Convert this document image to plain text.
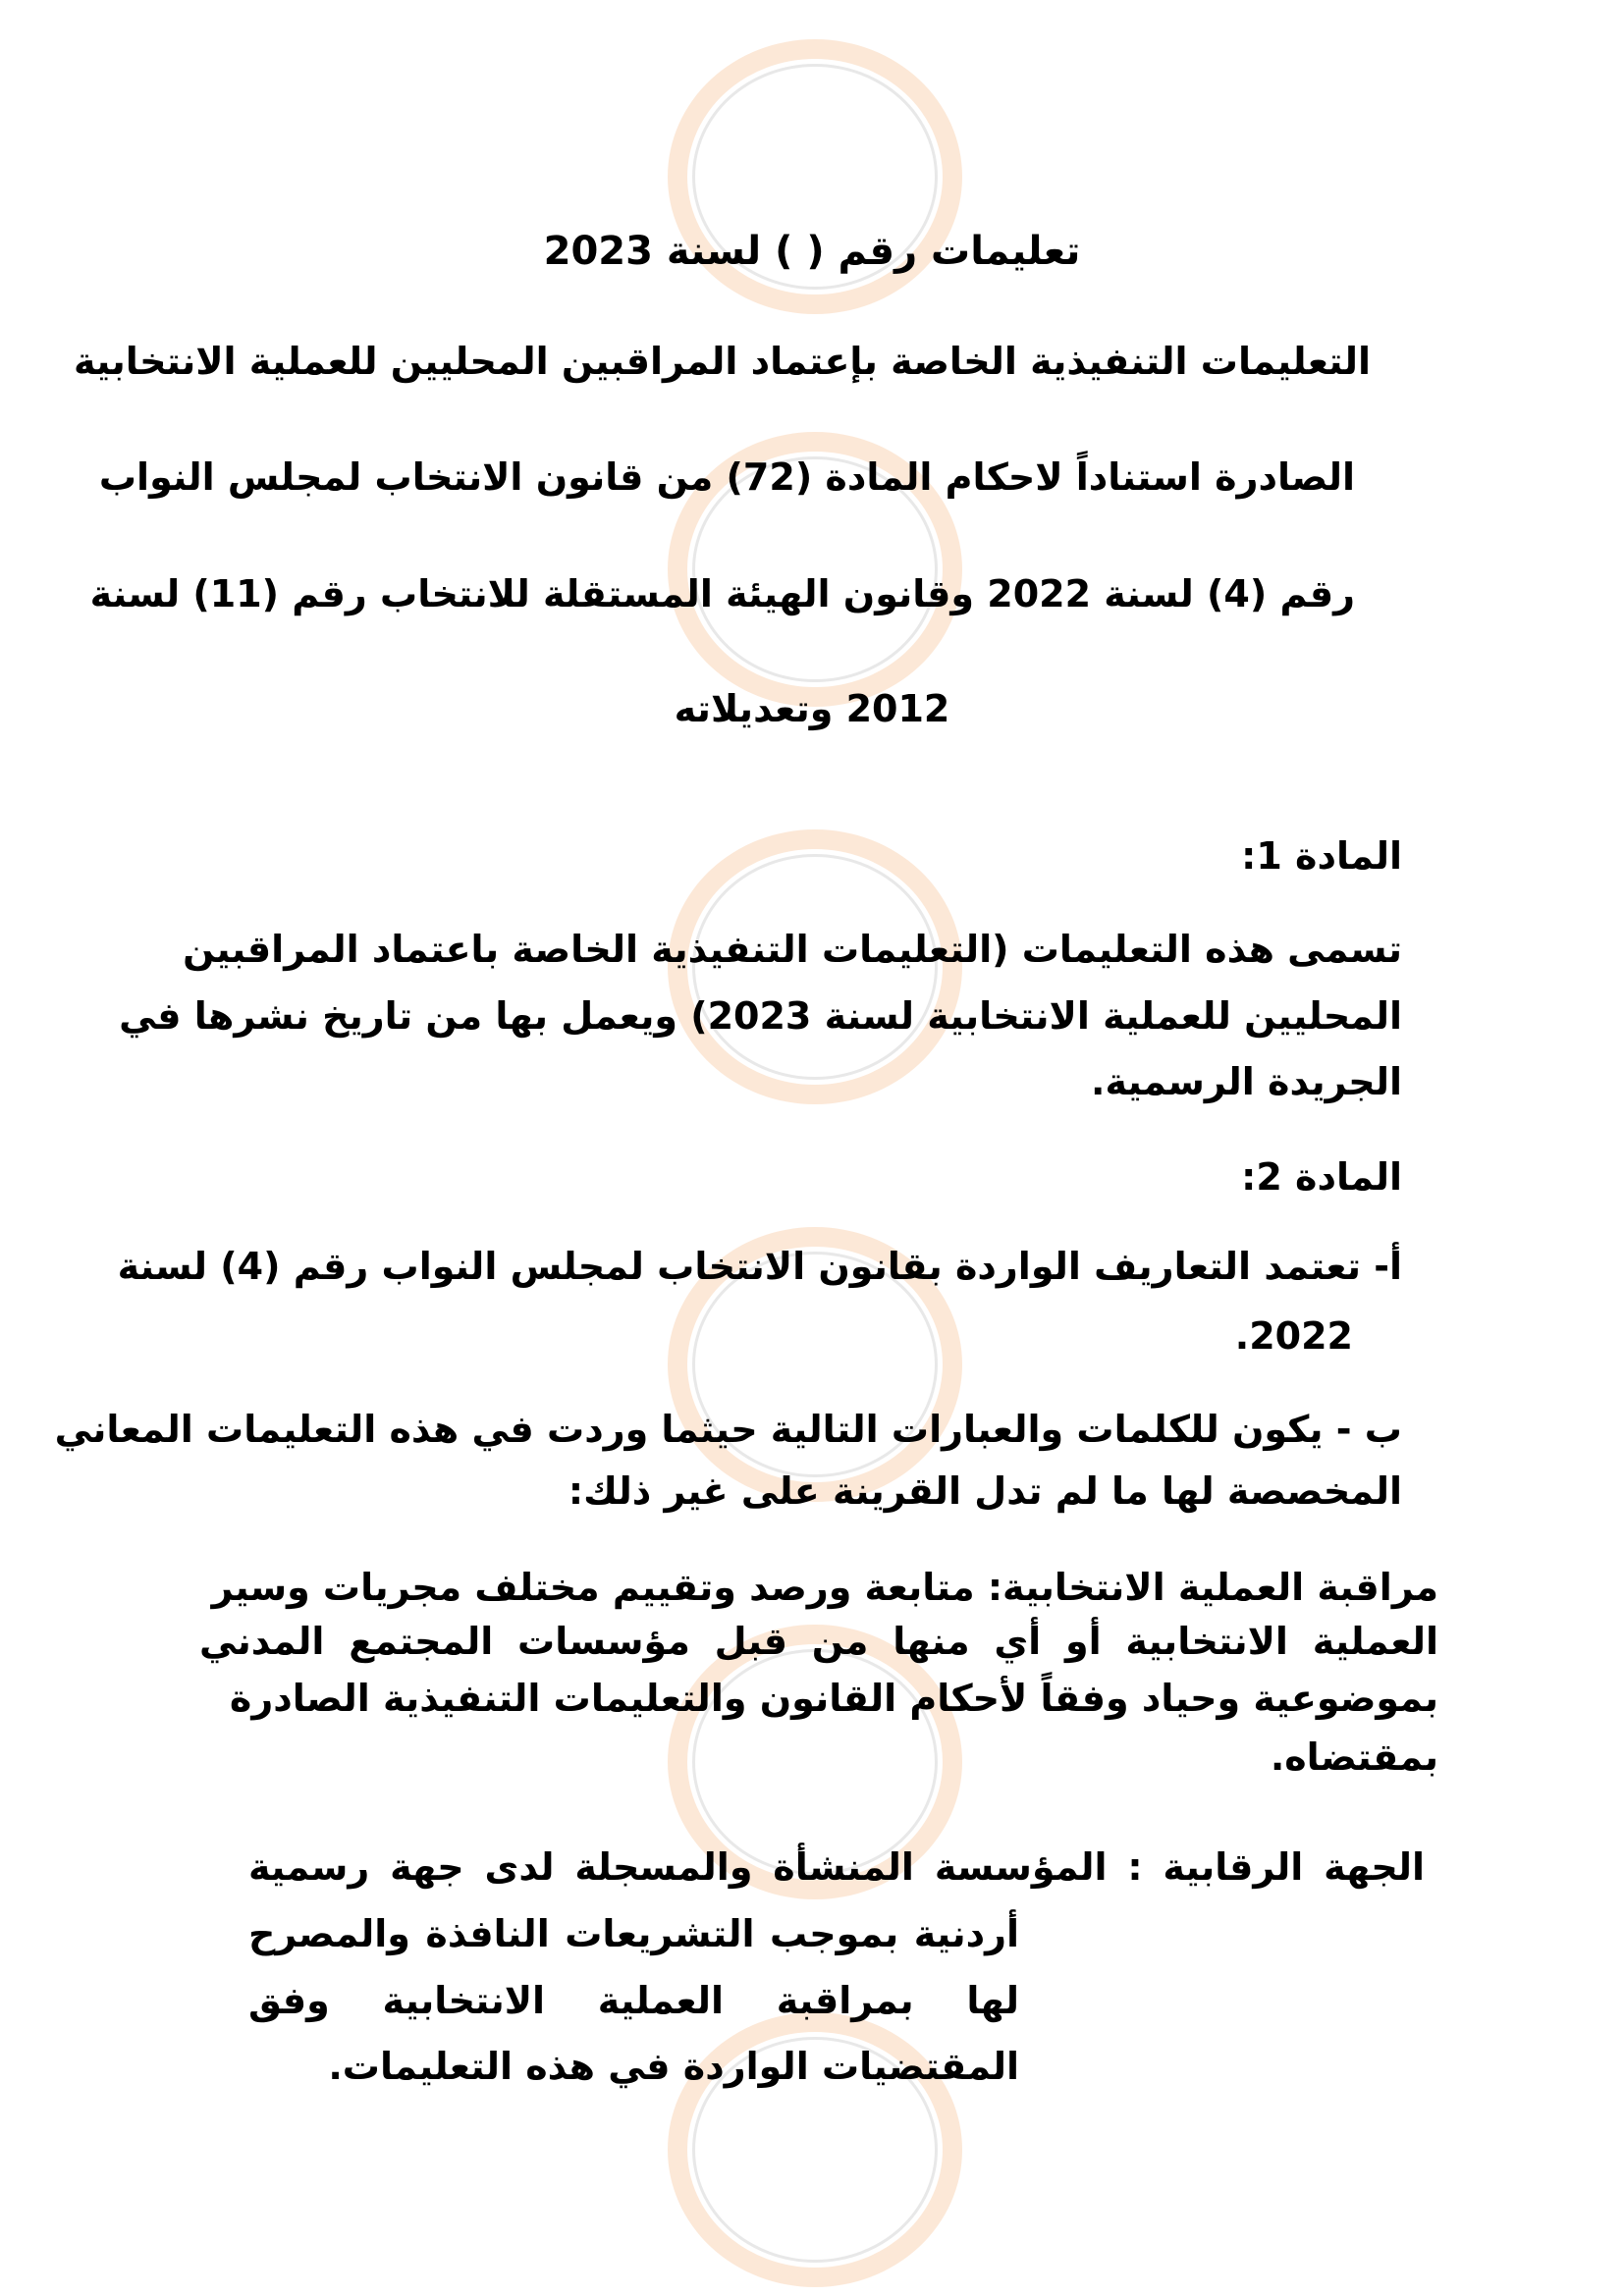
تعليمات رقم ( ) لسنة 2023
التعليمات التنفيذية الخاصة بإعتماد المراقبين المحليين للعملية الانتخابية
الصادرة استناداً لاحكام المادة (72) من قانون الانتخاب لمجلس النواب
رقم (4) لسنة 2022 وقانون الهيئة المستقلة للانتخاب رقم (11) لسنة
2012 وتعديلاته
المادة 1:
تسمى هذه التعليمات (التعليمات التنفيذية الخاصة باعتماد المراقبين
المحليين للعملية الانتخابية لسنة 2023) ويعمل بها من تاريخ نشرها في
الجريدة الرسمية.
المادة 2:
أ- تعتمد التعاريف الواردة بقانون الانتخاب لمجلس النواب رقم (4) لسنة
2022.
ب - يكون للكلمات والعبارات التالية حيثما وردت في هذه التعليمات المعاني
المخصصة لها ما لم تدل القرينة على غير ذلك:
مراقبة العملية الانتخابية: متابعة ورصد وتقييم مختلف مجريات وسير
العملية الانتخابية أو أي منها من قبل مؤسسات المجتمع المدني
بموضوعية وحياد وفقاً لأحكام القانون والتعليمات التنفيذية الصادرة
بمقتضاه.
الجهة الرقابية : المؤسسة المنشأة والمسجلة لدى جهة رسمية
أردنية بموجب التشريعات النافذة والمصرح
لها بمراقبة العملية الانتخابية وفق
المقتضيات الواردة في هذه التعليمات.
